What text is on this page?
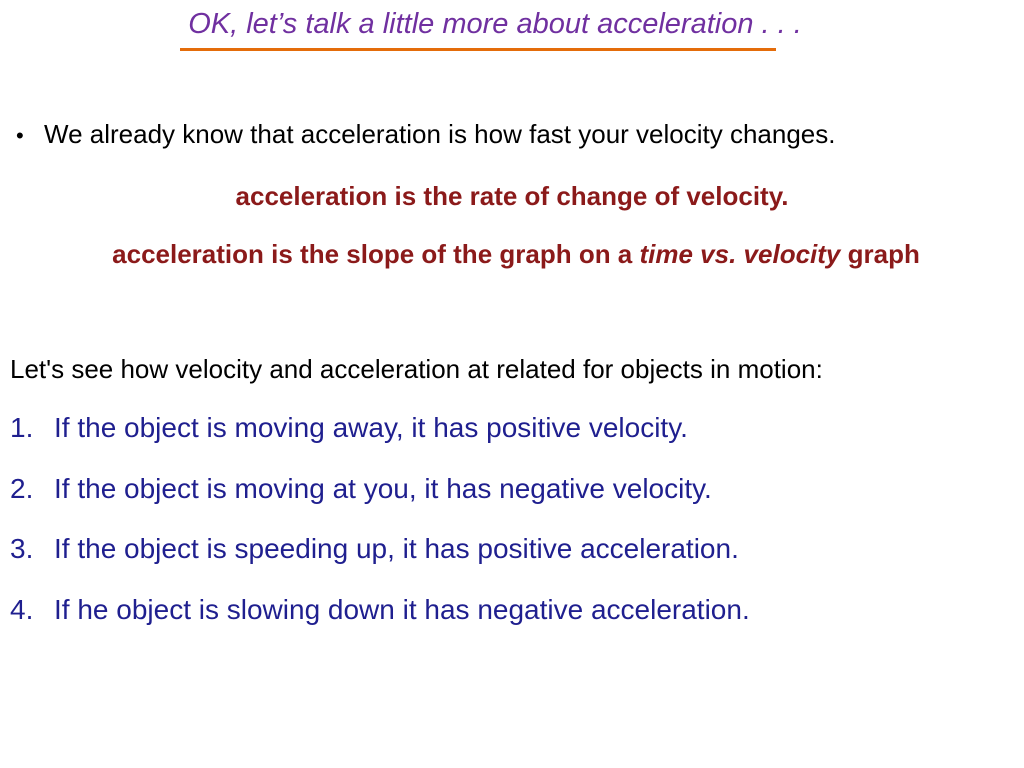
OK, let’s talk a little more about acceleration . . .
• We already know that acceleration is how fast your velocity changes.
acceleration is the rate of change of velocity.
acceleration is the slope of the graph on a time vs. velocity graph
Let's see how velocity and acceleration at related for objects in motion:
1. If the object is moving away, it has positive velocity.
2. If the object is moving at you, it has negative velocity.
3. If the object is speeding up, it has positive acceleration.
4. If he object is slowing down it has negative acceleration.
